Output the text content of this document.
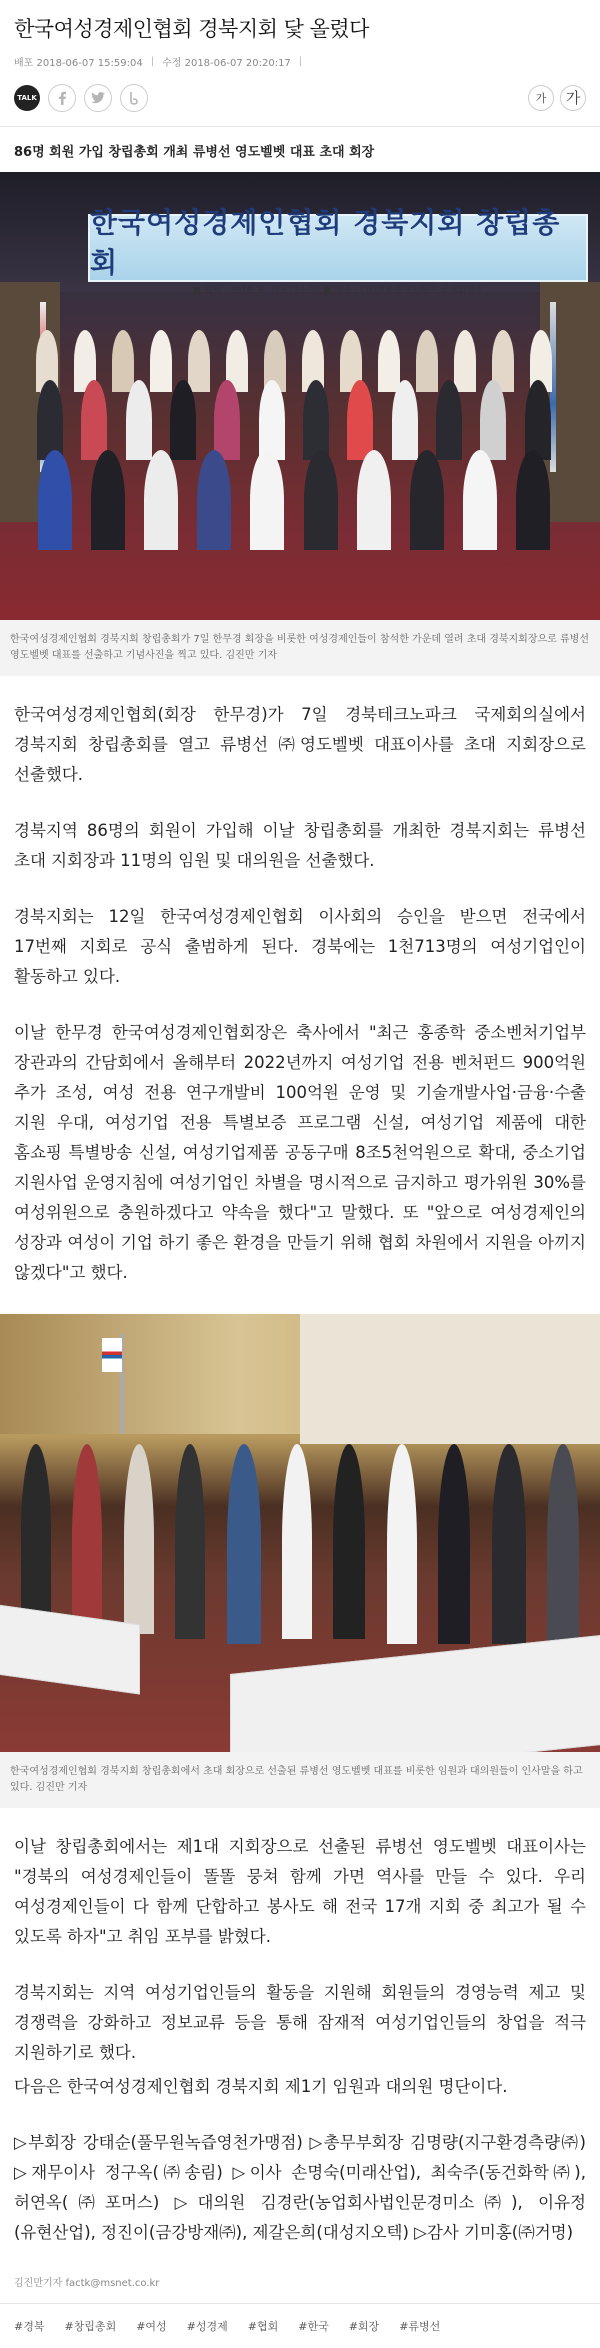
한국여성경제인협회 경북지회 닻 올렸다
배포 2018-06-07 15:59:04 | 수정 2018-06-07 20:20:17 |
TALK	가	가
86명 회원 가입 창립총회 개최 류병선 영도벨벳 대표 초대 회장
한국여성경제인협회 경북지회 창립총회
■ 일시 : 2018. 6. 7(목) 11:00 ■ 장소 : (재)경북테크노파크 국제회의실
한국여성경제인협회 경북지회 창립총회가 7일 한무경 회장을 비롯한 여성경제인들이 참석한 가운데 열려 초대 경북지회장으로 류병선 영도벨벳 대표를 선출하고 기념사진을 찍고 있다. 김진만 기자

한국여성경제인협회(회장 한무경)가 7일 경북테크노파크 국제회의실에서 경북지회 창립총회를 열고 류병선 ㈜영도벨벳 대표이사를 초대 지회장으로 선출했다.

경북지역 86명의 회원이 가입해 이날 창립총회를 개최한 경북지회는 류병선 초대 지회장과 11명의 임원 및 대의원을 선출했다.

경북지회는 12일 한국여성경제인협회 이사회의 승인을 받으면 전국에서 17번째 지회로 공식 출범하게 된다. 경북에는 1천713명의 여성기업인이 활동하고 있다.

이날 한무경 한국여성경제인협회장은 축사에서 "최근 홍종학 중소벤처기업부 장관과의 간담회에서 올해부터 2022년까지 여성기업 전용 벤처펀드 900억원 추가 조성, 여성 전용 연구개발비 100억원 운영 및 기술개발사업·금융·수출 지원 우대, 여성기업 전용 특별보증 프로그램 신설, 여성기업 제품에 대한 홈쇼핑 특별방송 신설, 여성기업제품 공동구매 8조5천억원으로 확대, 중소기업 지원사업 운영지침에 여성기업인 차별을 명시적으로 금지하고 평가위원 30%를 여성위원으로 충원하겠다고 약속을 했다"고 말했다. 또 "앞으로 여성경제인의 성장과 여성이 기업 하기 좋은 환경을 만들기 위해 협회 차원에서 지원을 아끼지 않겠다"고 했다.

한국여성경제인협회 경북지회 창립총회에서 초대 회장으로 선출된 류병선 영도벨벳 대표를 비롯한 임원과 대의원들이 인사말을 하고 있다. 김진만 기자

이날 창립총회에서는 제1대 지회장으로 선출된 류병선 영도벨벳 대표이사는 "경북의 여성경제인들이 똘똘 뭉쳐 함께 가면 역사를 만들 수 있다. 우리 여성경제인들이 다 함께 단합하고 봉사도 해 전국 17개 지회 중 최고가 될 수 있도록 하자"고 취임 포부를 밝혔다.

경북지회는 지역 여성기업인들의 활동을 지원해 회원들의 경영능력 제고 및 경쟁력을 강화하고 정보교류 등을 통해 잠재적 여성기업인들의 창업을 적극 지원하기로 했다.

다음은 한국여성경제인협회 경북지회 제1기 임원과 대의원 명단이다.

▷부회장 강태순(풀무원녹즙영천가맹점) ▷총무부회장 김명량(지구환경측량㈜) ▷재무이사 정구옥(㈜송림) ▷이사 손명숙(미래산업), 최숙주(동건화학㈜), 허연옥(㈜포머스) ▷대의원 김경란(농업회사법인문경미소㈜), 이유정(유현산업), 정진이(금강방재㈜), 제갈은희(대성지오텍) ▷감사 기미홍(㈜거명)

김진만기자 factk@msnet.co.kr
#경북 #창립총회 #여성 #성경제 #협회 #한국 #회장 #류병선
